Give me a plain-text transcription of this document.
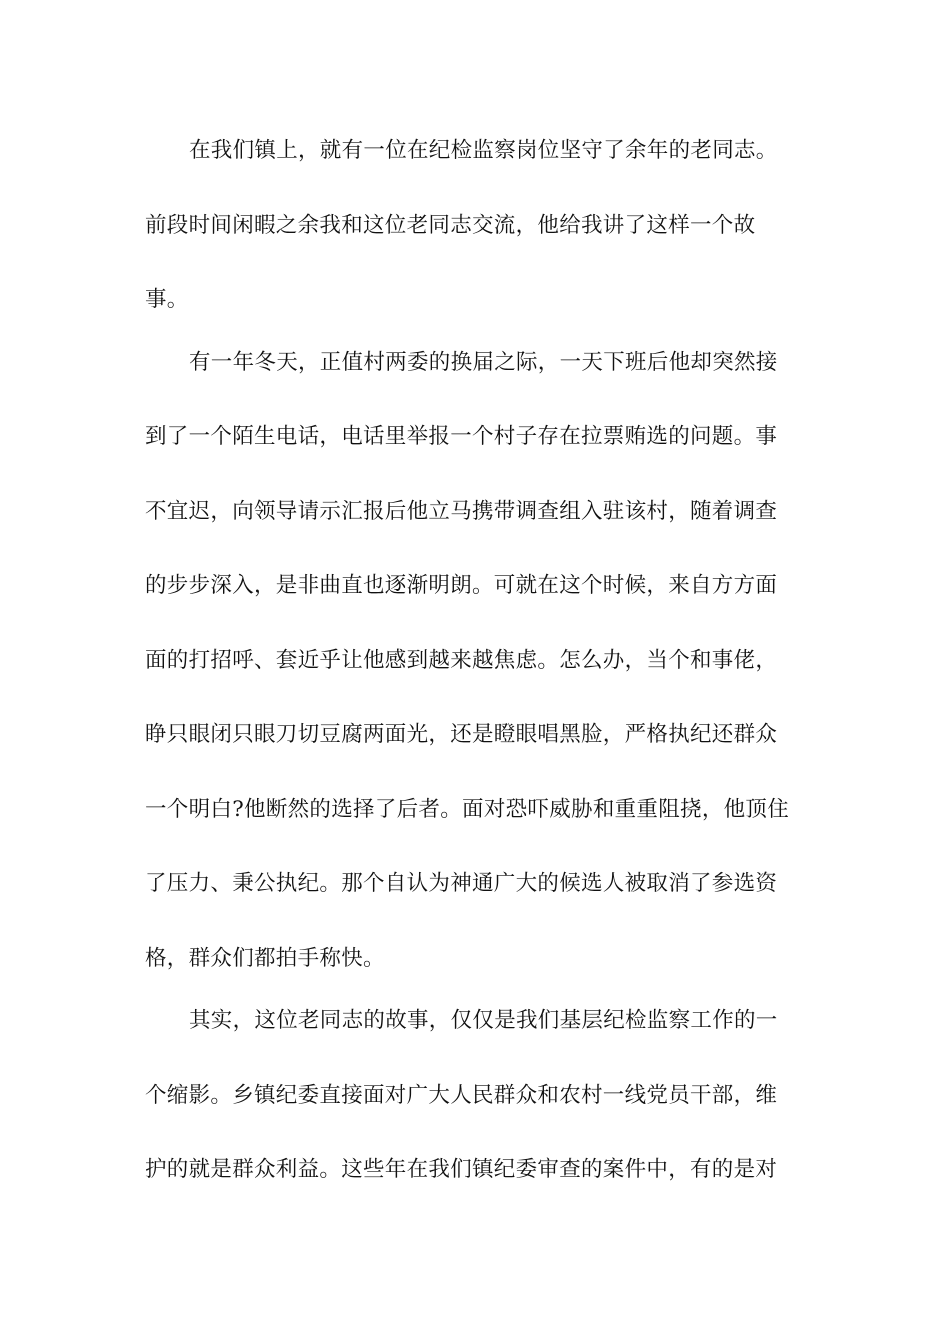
在我们镇上，就有一位在纪检监察岗位坚守了余年的老同志。
前段时间闲暇之余我和这位老同志交流，他给我讲了这样一个故
事。
有一年冬天，正值村两委的换届之际，一天下班后他却突然接
到了一个陌生电话，电话里举报一个村子存在拉票贿选的问题。事
不宜迟，向领导请示汇报后他立马携带调查组入驻该村，随着调查
的步步深入，是非曲直也逐渐明朗。可就在这个时候，来自方方面
面的打招呼、套近乎让他感到越来越焦虑。怎么办，当个和事佬，
睁只眼闭只眼刀切豆腐两面光，还是瞪眼唱黑脸，严格执纪还群众
一个明白?他断然的选择了后者。面对恐吓威胁和重重阻挠，他顶住
了压力、秉公执纪。那个自认为神通广大的候选人被取消了参选资
格，群众们都拍手称快。
其实，这位老同志的故事，仅仅是我们基层纪检监察工作的一
个缩影。乡镇纪委直接面对广大人民群众和农村一线党员干部，维
护的就是群众利益。这些年在我们镇纪委审查的案件中，有的是对
